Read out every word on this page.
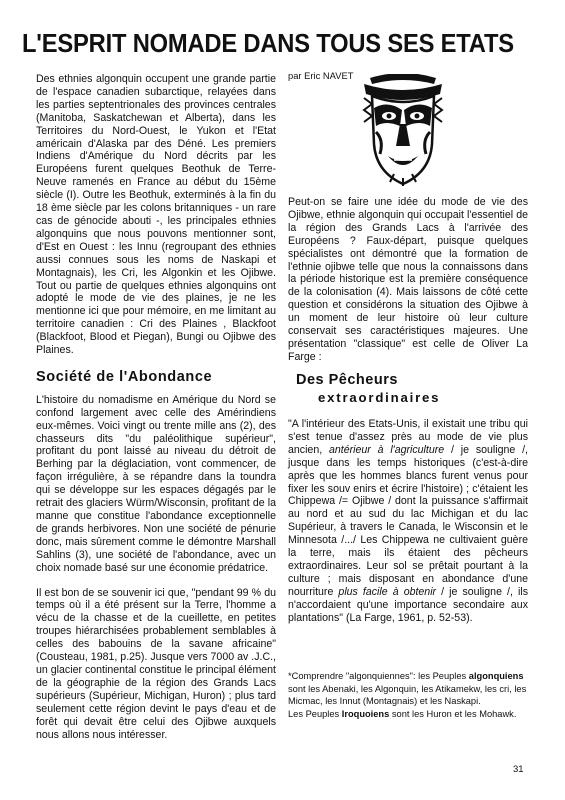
L'ESPRIT NOMADE DANS TOUS SES ETATS

Des ethnies algonquin occupent une grande partie de l'espace canadien subarctique, relayées dans les parties septentrionales des provinces centrales (Manitoba, Saskatchewan et Alberta), dans les Territoires du Nord-Ouest, le Yukon et l'Etat américain d'Alaska par des Déné. Les premiers Indiens d'Amérique du Nord décrits par les Européens furent quelques Beothuk de Terre-Neuve ramenés en France au début du 15ème siècle (I). Outre les Beothuk, exterminés à la fin du 18 ème siècle par les colons britanniques - un rare cas de génocide abouti -, les principales ethnies algonquins que nous pouvons mentionner sont, d'Est en Ouest : les Innu (regroupant des ethnies aussi connues sous les noms de Naskapi et Montagnais), les Cri, les Algonkin et les Ojibwe. Tout ou partie de quelques ethnies algonquins ont adopté le mode de vie des plaines, je ne les mentionne ici que pour mémoire, en me limitant au territoire canadien : Cri des Plaines , Blackfoot (Blackfoot, Blood et Piegan), Bungi ou Ojibwe des Plaines.

Société de l'Abondance

L'histoire du nomadisme en Amérique du Nord se confond largement avec celle des Amérindiens eux-mêmes. Voici vingt ou trente mille ans (2), des chasseurs dits "du paléolithique supérieur", profitant du pont laissé au niveau du détroit de Berhing par la déglaciation, vont commencer, de façon irrégulière, à se répandre dans la toundra qui se développe sur les espaces dégagés par le retrait des glaciers Würm/Wisconsin, profitant de la manne que constitue l'abondance exceptionnelle de grands herbivores. Non une société de pénurie donc, mais sûrement comme le démontre Marshall Sahlins (3), une société de l'abondance, avec un choix nomade basé sur une économie prédatrice.

Il est bon de se souvenir ici que, "pendant 99 % du temps où il a été présent sur la Terre, l'homme a vécu de la chasse et de la cueillette, en petites troupes hiérarchisées probablement semblables à celles des babouins de la savane africaine" (Cousteau, 1981, p.25). Jusque vers 7000 av .J.C., un glacier continental constitue le principal élément de la géographie de la région des Grands Lacs supérieurs (Supérieur, Michigan, Huron) ; plus tard seulement cette région devint le pays d'eau et de forêt qui devait être celui des Ojibwe auxquels nous allons nous intéresser.

par Eric NAVET

Peut-on se faire une idée du mode de vie des Ojibwe, ethnie algonquin qui occupait l'essentiel de la région des Grands Lacs à l'arrivée des Européens ? Faux-départ, puisque quelques spécialistes ont démontré que la formation de l'ethnie ojibwe telle que nous la connaissons dans la période historique est la première conséquence de la colonisation (4). Mais laissons de côté cette question et considérons la situation des Ojibwe à un moment de leur histoire où leur culture conservait ses caractéristiques majeures. Une présentation "classique" est celle de Oliver La Farge :

Des Pêcheurs
extraordinaires
"A l'intérieur des Etats-Unis, il existait une tribu qui s'est tenue d'assez près au mode de vie plus ancien, antérieur à l'agriculture / je souligne /, jusque dans les temps historiques (c'est-à-dire après que les hommes blancs furent venus pour fixer les souv enirs et écrire l'histoire) ; c'étaient les Chippewa /= Ojibwe / dont la puissance s'affirmait au nord et au sud du lac Michigan et du lac Supérieur, à travers le Canada, le Wisconsin et le Minnesota /.../ Les Chippewa ne cultivaient guère la terre, mais ils étaient des pêcheurs extraordinaires. Leur sol se prêtait pourtant à la culture ; mais disposant en abondance d'une nourriture plus facile à obtenir / je souligne /, ils n'accordaient qu'une importance secondaire aux plantations" (La Farge, 1961, p. 52-53).

*Comprendre "algonquiennes": les Peuples algonquiens sont les Abenaki, les Algonquin, les Atikamekw, les cri, les Micmac, les Innut (Montagnais) et les Naskapi.

Les Peuples Iroquoiens sont les Huron et les Mohawk.

31
